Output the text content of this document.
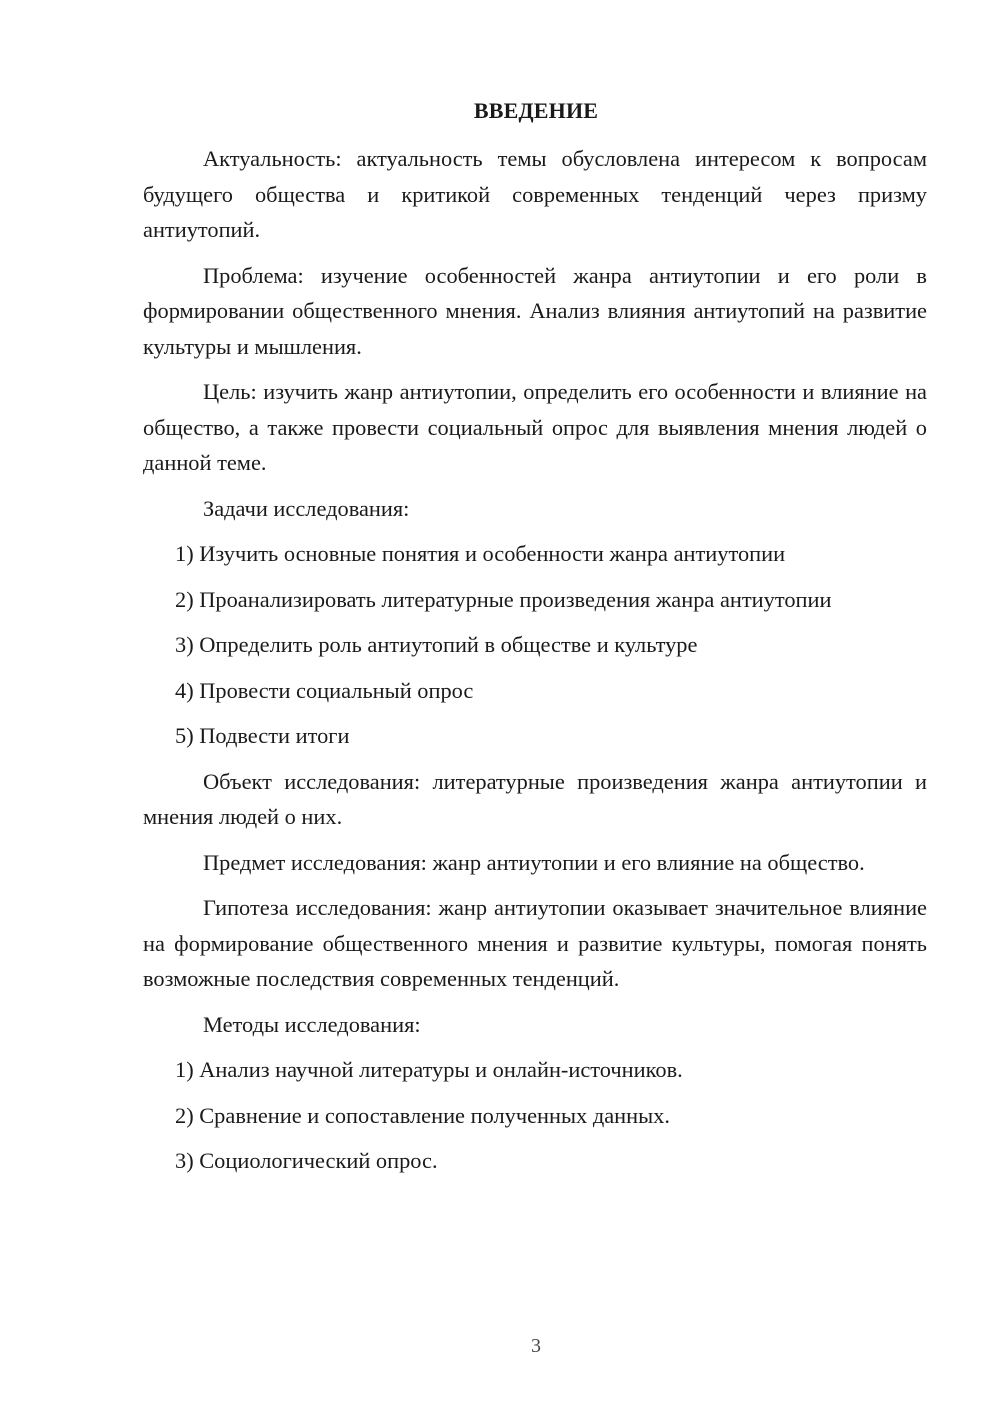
ВВЕДЕНИЕ

Актуальность: актуальность темы обусловлена интересом к вопросам будущего общества и критикой современных тенденций через призму антиутопий.

Проблема: изучение особенностей жанра антиутопии и его роли в формировании общественного мнения. Анализ влияния антиутопий на развитие культуры и мышления.

Цель: изучить жанр антиутопии, определить его особенности и влияние на общество, а также провести социальный опрос для выявления мнения людей о данной теме.

Задачи исследования:

1) Изучить основные понятия и особенности жанра антиутопии
2) Проанализировать литературные произведения жанра антиутопии
3) Определить роль антиутопий в обществе и культуре
4) Провести социальный опрос
5) Подвести итоги

Объект исследования: литературные произведения жанра антиутопии и мнения людей о них.

Предмет исследования: жанр антиутопии и его влияние на общество.

Гипотеза исследования: жанр антиутопии оказывает значительное влияние на формирование общественного мнения и развитие культуры, помогая понять возможные последствия современных тенденций.

Методы исследования:

1) Анализ научной литературы и онлайн-источников.
2) Сравнение и сопоставление полученных данных.
3) Социологический опрос.
3
